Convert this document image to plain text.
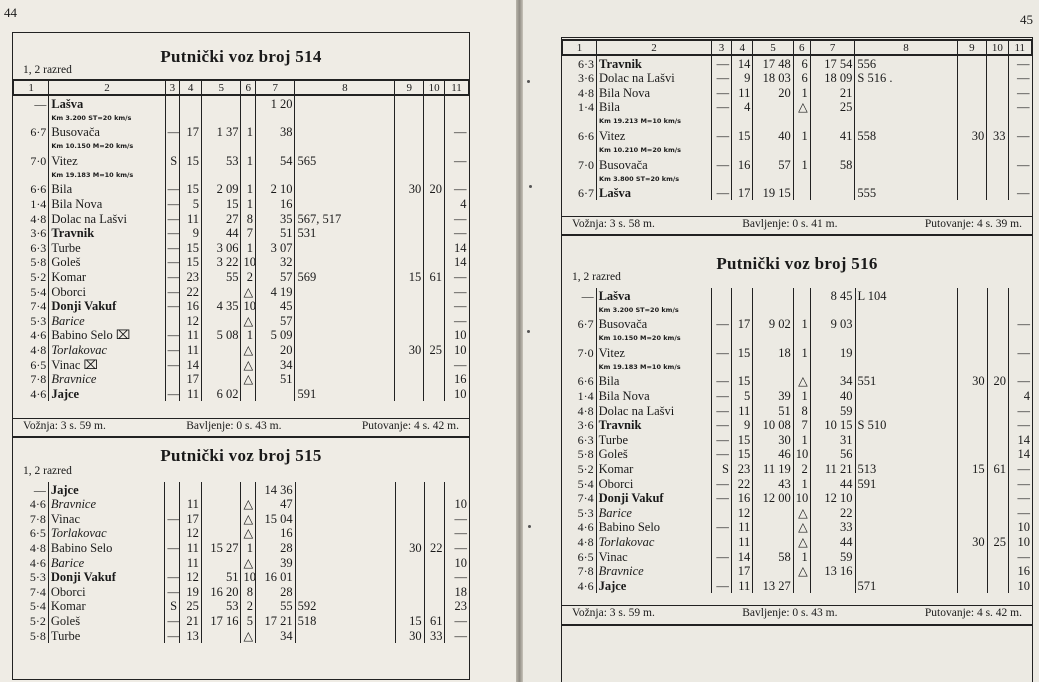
44
Putnički voz broj 514
1, 2 razred
1	2	3	4	5	6	7	8	9	10	11
—	Lašva					1 20				
	Km 3.200 ST=20 km/s									
6·7	Busovača	—	17	1 37	1	38				—
	Km 10.150 M=20 km/s									
7·0	Vitez	S	15	53	1	54	565			—
	Km 19.183 M=10 km/s									
6·6	Bila	—	15	2 09	1	2 10		30	20	—
1·4	Bila Nova	—	5	15	1	16				4
4·8	Dolac na Lašvi	—	11	27	8	35	567, 517			—
3·6	Travnik	—	9	44	7	51	531			—
6·3	Turbe	—	15	3 06	1	3 07				14
5·8	Goleš	—	15	3 22	10	32				14
5·2	Komar	—	23	55	2	57	569	15	61	—
5·4	Oborci	—	22		△	4 19				—
7·4	Donji Vakuf	—	16	4 35	10	45				—
5·3	Barice		12		△	57				—
4·6	Babino Selo ⌧	—	11	5 08	1	5 09				10
4·8	Torlakovac	—	11		△	20		30	25	10
6·5	Vinac ⌧	—	14		△	34				—
7·8	Bravnice		17		△	51				16
4·6	Jajce	—	11	6 02			591			10
Vožnja: 3 s. 59 m.	Bavljenje: 0 s. 43 m.	Putovanje: 4 s. 42 m.
Putnički voz broj 515
1, 2 razred
—	Jajce					14 36				
4·6	Bravnice		11		△	47				10
7·8	Vinac	—	17		△	15 04				—
6·5	Torlakovac		12		△	16				—
4·8	Babino Selo	—	11	15 27	1	28		30	22	—
4·6	Barice		11		△	39				10
5·3	Donji Vakuf	—	12	51	10	16 01				—
7·4	Oborci	—	19	16 20	8	28				18
5·4	Komar	S	25	53	2	55	592			23
5·2	Goleš	—	21	17 16	5	17 21	518	15	61	—
5·8	Turbe	—	13		△	34		30	33	—
45
1	2	3	4	5	6	7	8	9	10	11
6·3	Travnik	—	14	17 48	6	17 54	556			—
3·6	Dolac na Lašvi	—	9	18 03	6	18 09	S 516 .			—
4·8	Bila Nova	—	11	20	1	21				—
1·4	Bila	—	4		△	25				—
	Km 19.213 M=10 km/s									
6·6	Vitez	—	15	40	1	41	558	30	33	—
	Km 10.210 M=20 km/s									
7·0	Busovača	—	16	57	1	58				—
	Km 3.800 ST=20 km/s									
6·7	Lašva	—	17	19 15			555			—
Vožnja: 3 s. 58 m.	Bavljenje: 0 s. 41 m.	Putovanje: 4 s. 39 m.
Putnički voz broj 516
1, 2 razred
—	Lašva					8 45	L 104			
	Km 3.200 ST=20 km/s									
6·7	Busovača	—	17	9 02	1	9 03				—
	Km 10.150 M=20 km/s									
7·0	Vitez	—	15	18	1	19				—
	Km 19.183 M=10 km/s									
6·6	Bila	—	15		△	34	551	30	20	—
1·4	Bila Nova	—	5	39	1	40				4
4·8	Dolac na Lašvi	—	11	51	8	59				—
3·6	Travnik	—	9	10 08	7	10 15	S 510			—
6·3	Turbe	—	15	30	1	31				14
5·8	Goleš	—	15	46	10	56				14
5·2	Komar	S	23	11 19	2	11 21	513	15	61	—
5·4	Oborci	—	22	43	1	44	591			—
7·4	Donji Vakuf	—	16	12 00	10	12 10				—
5·3	Barice		12		△	22				—
4·6	Babino Selo	—	11		△	33				10
4·8	Torlakovac		11		△	44		30	25	10
6·5	Vinac	—	14	58	1	59				—
7·8	Bravnice		17		△	13 16				16
4·6	Jajce	—	11	13 27			571			10
Vožnja: 3 s. 59 m.	Bavljenje: 0 s. 43 m.	Putovanje: 4 s. 42 m.
